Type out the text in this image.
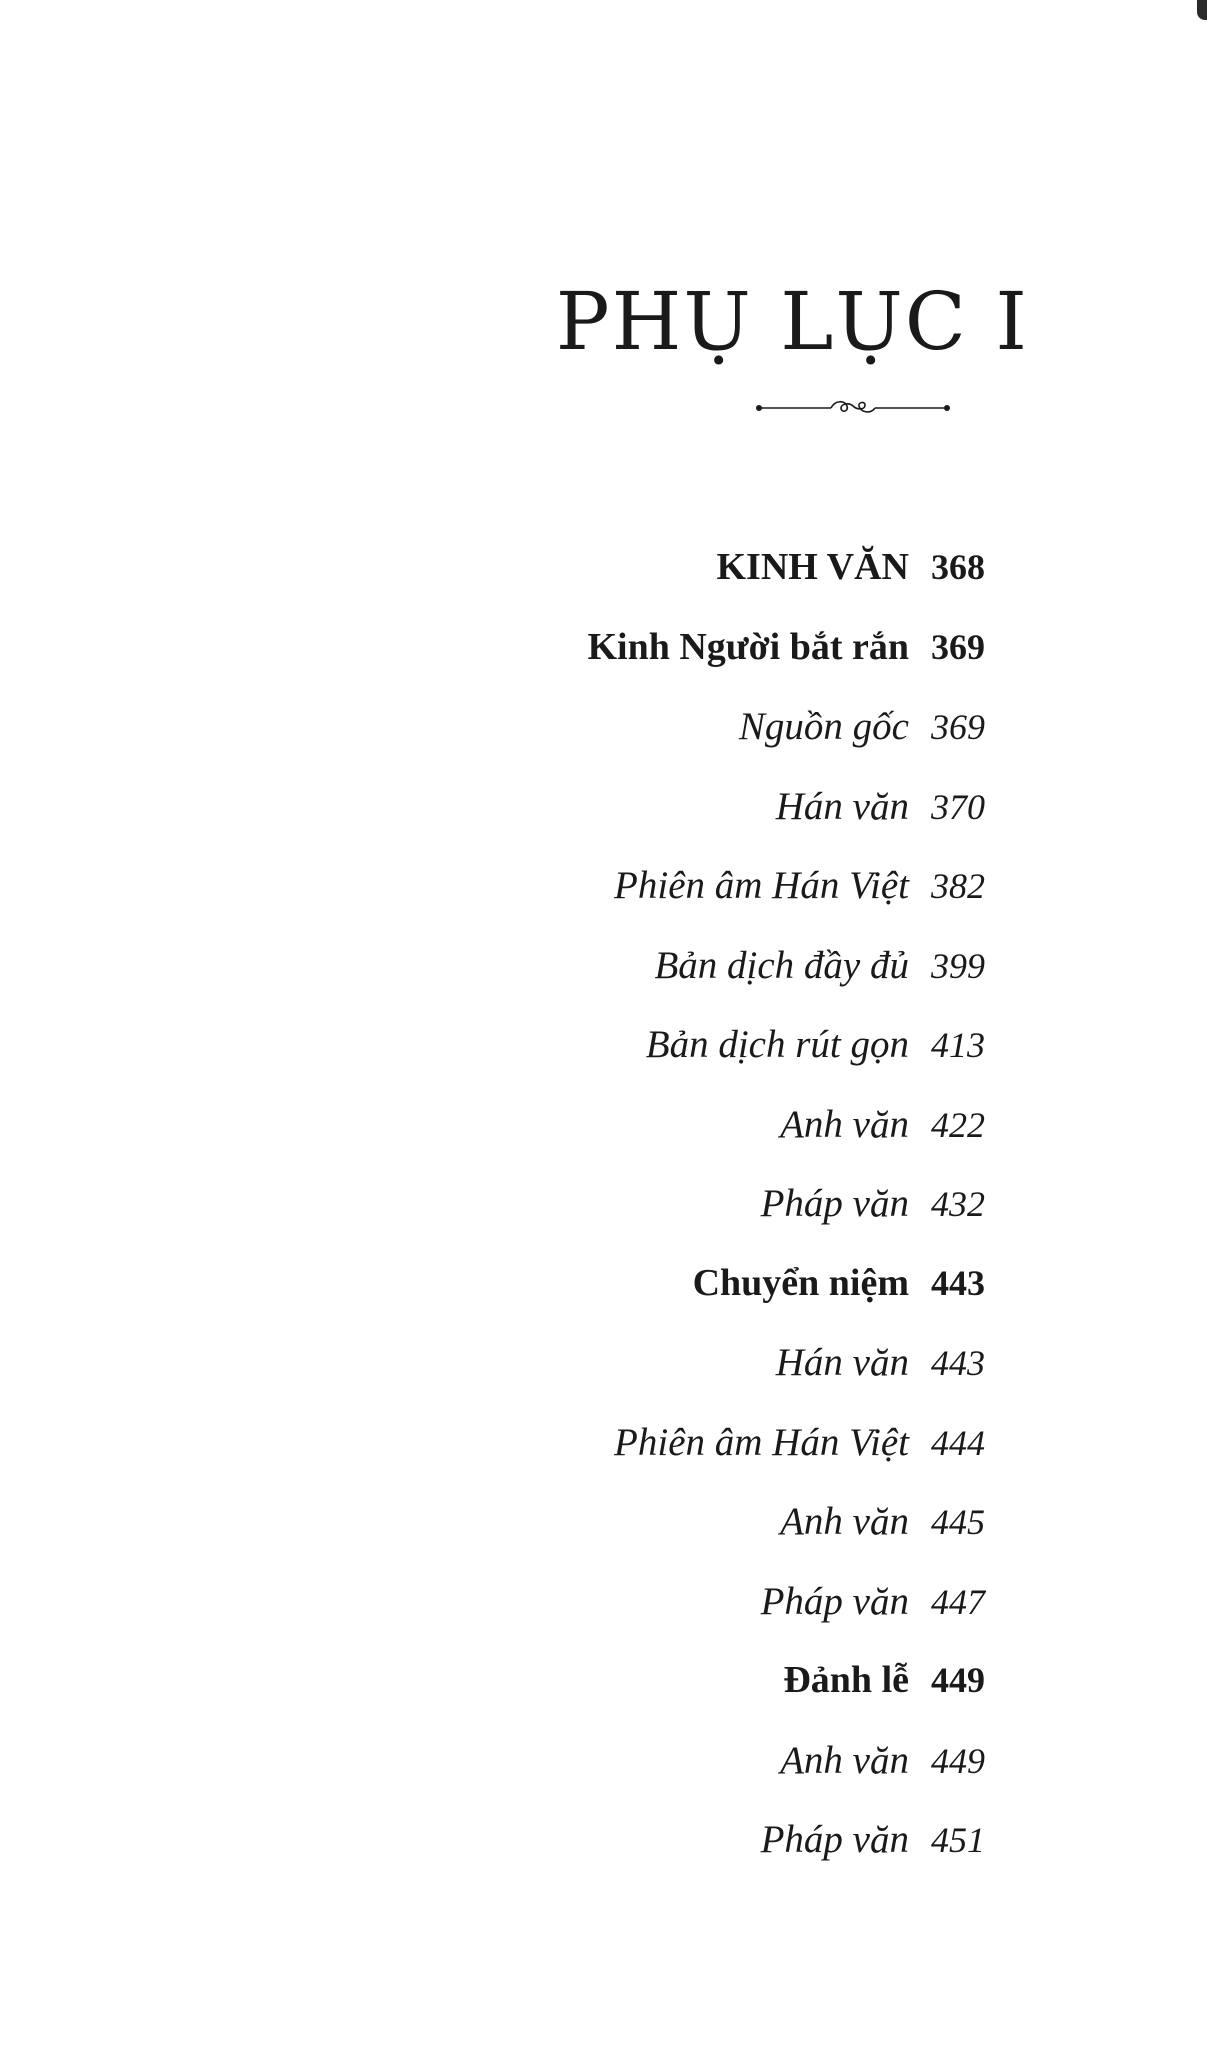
PHỤ LỤC I
KINH VĂN 368
Kinh Người bắt rắn 369
Nguồn gốc 369
Hán văn 370
Phiên âm Hán Việt 382
Bản dịch đầy đủ 399
Bản dịch rút gọn 413
Anh văn 422
Pháp văn 432
Chuyển niệm 443
Hán văn 443
Phiên âm Hán Việt 444
Anh văn 445
Pháp văn 447
Đảnh lễ 449
Anh văn 449
Pháp văn 451
